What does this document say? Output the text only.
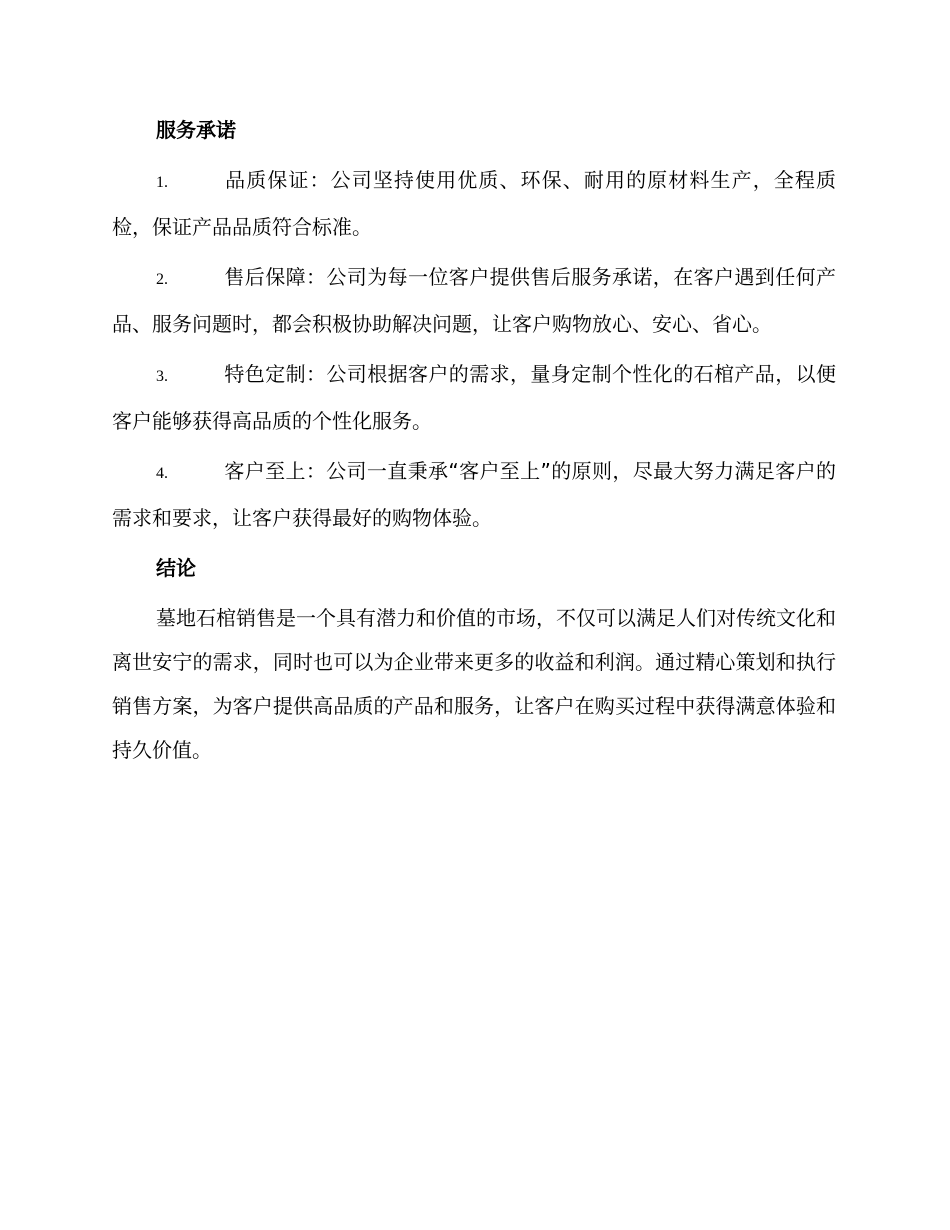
服务承诺

1.	品质保证：公司坚持使用优质、环保、耐用的原材料生产，全程质检，保证产品品质符合标准。

2.	售后保障：公司为每一位客户提供售后服务承诺，在客户遇到任何产品、服务问题时，都会积极协助解决问题，让客户购物放心、安心、省心。

3.	特色定制：公司根据客户的需求，量身定制个性化的石棺产品，以便客户能够获得高品质的个性化服务。

4.	客户至上：公司一直秉承“客户至上”的原则，尽最大努力满足客户的需求和要求，让客户获得最好的购物体验。

结论

墓地石棺销售是一个具有潜力和价值的市场，不仅可以满足人们对传统文化和离世安宁的需求，同时也可以为企业带来更多的收益和利润。通过精心策划和执行销售方案，为客户提供高品质的产品和服务，让客户在购买过程中获得满意体验和持久价值。
